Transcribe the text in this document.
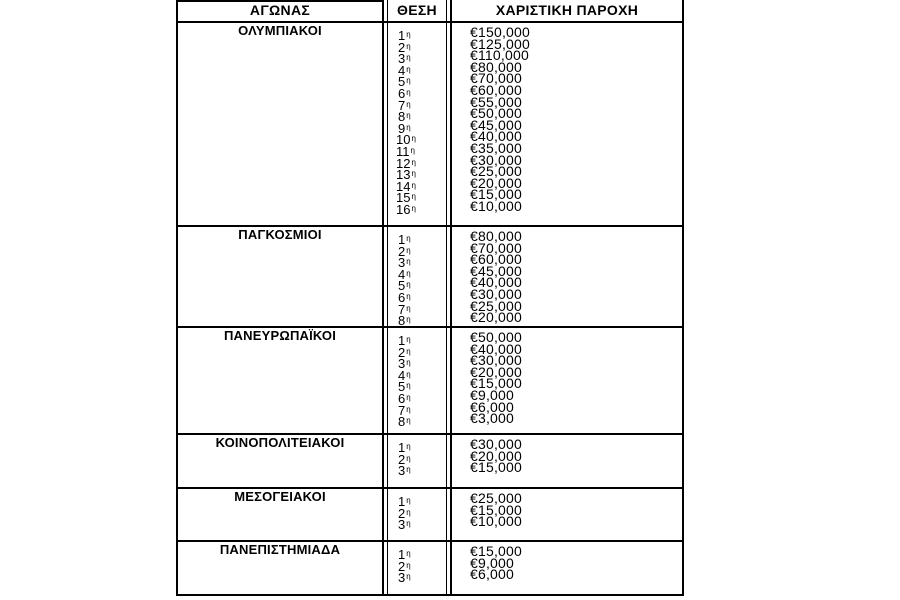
ΑΓΩΝΑΣ	ΘΕΣΗ	ΧΑΡΙΣΤΙΚΗ ΠΑΡΟΧΗ
ΟΛΥΜΠΙΑΚΟΙ	$1^\eta$	€150,000
$2^\eta$	€125,000
$3^\eta$	€110,000
$4^\eta$	€80,000
$5^\eta$	€70,000
$6^\eta$	€60,000
$7^\eta$	€55,000
$8^\eta$	€50,000
$9^\eta$	€45,000
$10^\eta$	€40,000
$11^\eta$	€35,000
$12^\eta$	€30,000
$13^\eta$	€25,000
$14^\eta$	€20,000
$15^\eta$	€15,000
$16^\eta$	€10,000
ΠΑΓΚΟΣΜΙΟΙ	$1^\eta$	€80,000
$2^\eta$	€70,000
$3^\eta$	€60,000
$4^\eta$	€45,000
$5^\eta$	€40,000
$6^\eta$	€30,000
$7^\eta$	€25,000
$8^\eta$	€20,000
ΠΑΝΕΥΡΩΠΑΪΚΟΙ	$1^\eta$	€50,000
$2^\eta$	€40,000
$3^\eta$	€30,000
$4^\eta$	€20,000
$5^\eta$	€15,000
$6^\eta$	€9,000
$7^\eta$	€6,000
$8^\eta$	€3,000
ΚΟΙΝΟΠΟΛΙΤΕΙΑΚΟΙ	$1^\eta$	€30,000
$2^\eta$	€20,000
$3^\eta$	€15,000
ΜΕΣΟΓΕΙΑΚΟΙ	$1^\eta$	€25,000
$2^\eta$	€15,000
$3^\eta$	€10,000
ΠΑΝΕΠΙΣΤΗΜΙΑΔΑ	$1^\eta$	€15,000
$2^\eta$	€9,000
$3^\eta$	€6,000
